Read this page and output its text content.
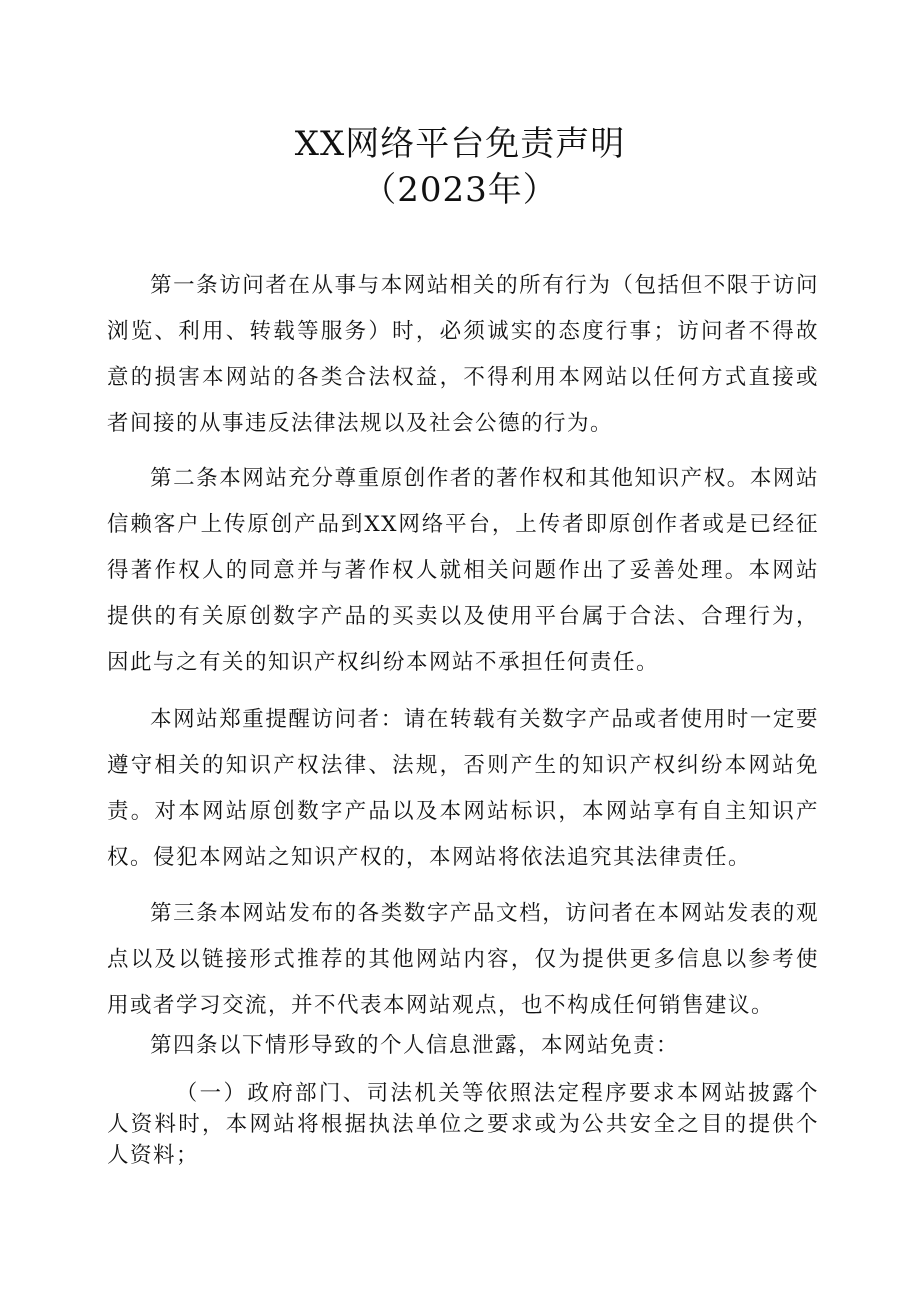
XX网络平台免责声明
（2023年）

第一条访问者在从事与本网站相关的所有行为（包括但不限于访问浏览、利用、转载等服务）时，必须诚实的态度行事；访问者不得故意的损害本网站的各类合法权益，不得利用本网站以任何方式直接或者间接的从事违反法律法规以及社会公德的行为。

第二条本网站充分尊重原创作者的著作权和其他知识产权。本网站信赖客户上传原创产品到XX网络平台，上传者即原创作者或是已经征得著作权人的同意并与著作权人就相关问题作出了妥善处理。本网站提供的有关原创数字产品的买卖以及使用平台属于合法、合理行为，因此与之有关的知识产权纠纷本网站不承担任何责任。

本网站郑重提醒访问者：请在转载有关数字产品或者使用时一定要遵守相关的知识产权法律、法规，否则产生的知识产权纠纷本网站免责。对本网站原创数字产品以及本网站标识，本网站享有自主知识产权。侵犯本网站之知识产权的，本网站将依法追究其法律责任。

第三条本网站发布的各类数字产品文档，访问者在本网站发表的观点以及以链接形式推荐的其他网站内容，仅为提供更多信息以参考使用或者学习交流，并不代表本网站观点，也不构成任何销售建议。

第四条以下情形导致的个人信息泄露，本网站免责：

（一）政府部门、司法机关等依照法定程序要求本网站披露个人资料时，本网站将根据执法单位之要求或为公共安全之目的提供个人资料；
